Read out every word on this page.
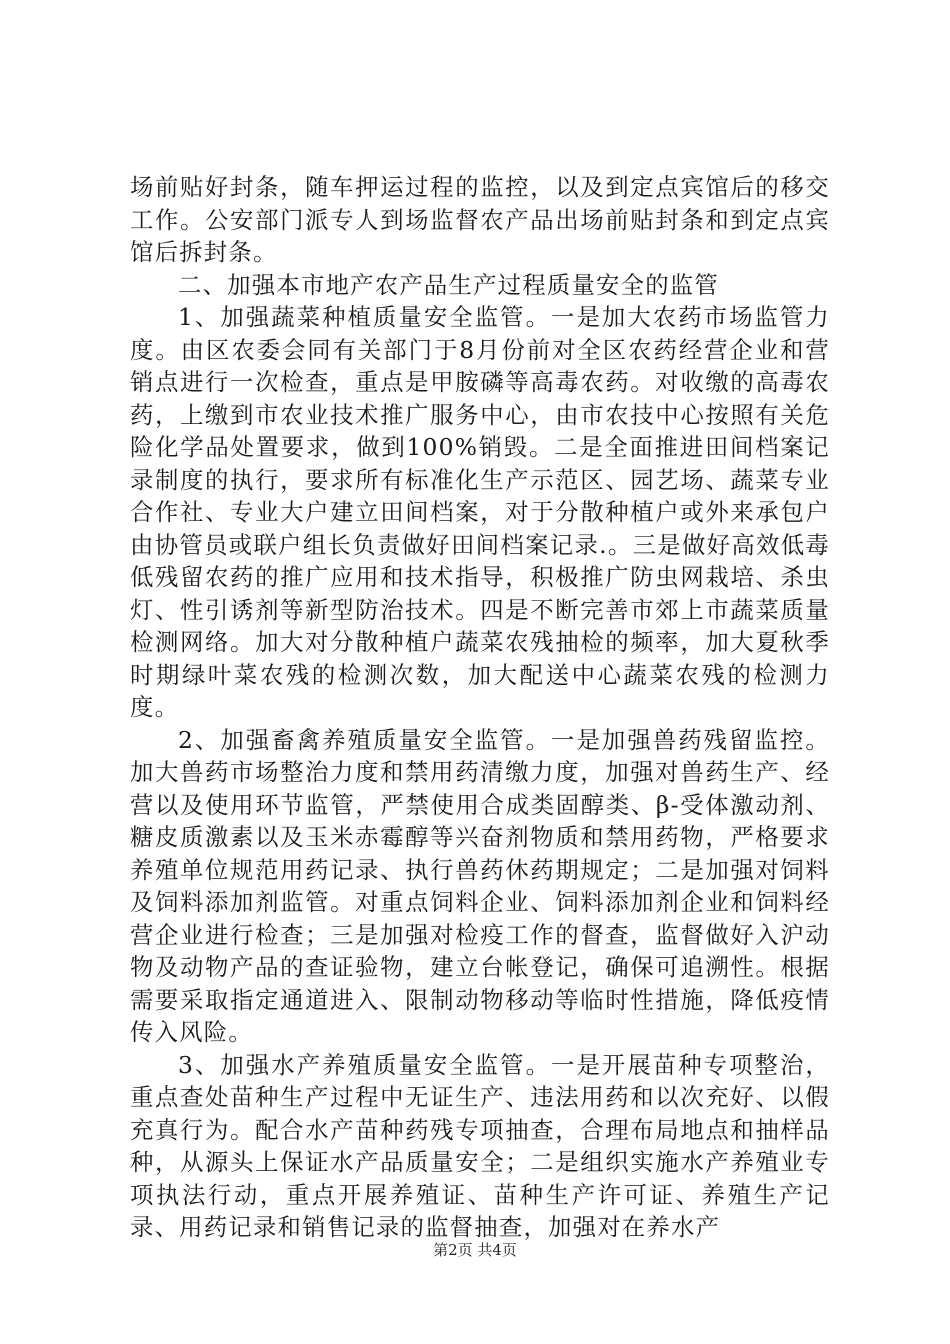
场前贴好封条，随车押运过程的监控，以及到定点宾馆后的移交工作。公安部门派专人到场监督农产品出场前贴封条和到定点宾馆后拆封条。

二、加强本市地产农产品生产过程质量安全的监管

1、加强蔬菜种植质量安全监管。一是加大农药市场监管力度。由区农委会同有关部门于8月份前对全区农药经营企业和营销点进行一次检查，重点是甲胺磷等高毒农药。对收缴的高毒农药，上缴到市农业技术推广服务中心，由市农技中心按照有关危险化学品处置要求，做到100%销毁。二是全面推进田间档案记录制度的执行，要求所有标准化生产示范区、园艺场、蔬菜专业合作社、专业大户建立田间档案，对于分散种植户或外来承包户由协管员或联户组长负责做好田间档案记录.。三是做好高效低毒低残留农药的推广应用和技术指导，积极推广防虫网栽培、杀虫灯、性引诱剂等新型防治技术。四是不断完善市郊上市蔬菜质量检测网络。加大对分散种植户蔬菜农残抽检的频率，加大夏秋季时期绿叶菜农残的检测次数，加大配送中心蔬菜农残的检测力度。

2、加强畜禽养殖质量安全监管。一是加强兽药残留监控。加大兽药市场整治力度和禁用药清缴力度，加强对兽药生产、经营以及使用环节监管，严禁使用合成类固醇类、β-受体激动剂、糖皮质激素以及玉米赤霉醇等兴奋剂物质和禁用药物，严格要求养殖单位规范用药记录、执行兽药休药期规定；二是加强对饲料及饲料添加剂监管。对重点饲料企业、饲料添加剂企业和饲料经营企业进行检查；三是加强对检疫工作的督查，监督做好入沪动物及动物产品的查证验物，建立台帐登记，确保可追溯性。根据需要采取指定通道进入、限制动物移动等临时性措施，降低疫情传入风险。

3、加强水产养殖质量安全监管。一是开展苗种专项整治，重点查处苗种生产过程中无证生产、违法用药和以次充好、以假充真行为。配合水产苗种药残专项抽查，合理布局地点和抽样品种，从源头上保证水产品质量安全；二是组织实施水产养殖业专项执法行动，重点开展养殖证、苗种生产许可证、养殖生产记录、用药记录和销售记录的监督抽查，加强对在养水产

第2页 共4页
